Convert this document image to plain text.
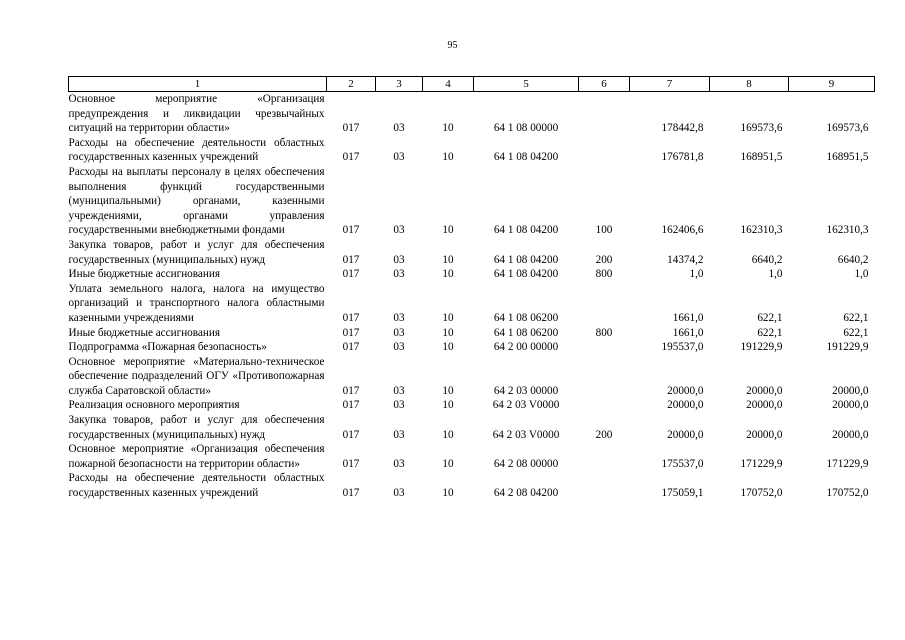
95
1	2	3	4	5	6	7	8	9
Основное мероприятие «Организация предупреждения и ликвидации чрезвычайных ситуаций на территории области»	017	03	10	64 1 08 00000		178442,8	169573,6	169573,6
Расходы на обеспечение деятельности областных государственных казенных учреждений	017	03	10	64 1 08 04200		176781,8	168951,5	168951,5
Расходы на выплаты персоналу в целях обеспечения выполнения функций государственными (муниципальными) органами, казенными учреждениями, органами управления государственными внебюджетными фондами	017	03	10	64 1 08 04200	100	162406,6	162310,3	162310,3
Закупка товаров, работ и услуг для обеспечения государственных (муниципальных) нужд	017	03	10	64 1 08 04200	200	14374,2	6640,2	6640,2
Иные бюджетные ассигнования	017	03	10	64 1 08 04200	800	1,0	1,0	1,0
Уплата земельного налога, налога на имущество организаций и транспортного налога областными казенными учреждениями	017	03	10	64 1 08 06200		1661,0	622,1	622,1
Иные бюджетные ассигнования	017	03	10	64 1 08 06200	800	1661,0	622,1	622,1
Подпрограмма «Пожарная безопасность»	017	03	10	64 2 00 00000		195537,0	191229,9	191229,9
Основное мероприятие «Материально-техническое обеспечение подразделений ОГУ «Противопожарная служба Саратовской области»	017	03	10	64 2 03 00000		20000,0	20000,0	20000,0
Реализация основного мероприятия	017	03	10	64 2 03 V0000		20000,0	20000,0	20000,0
Закупка товаров, работ и услуг для обеспечения государственных (муниципальных) нужд	017	03	10	64 2 03 V0000	200	20000,0	20000,0	20000,0
Основное мероприятие «Организация обеспечения пожарной безопасности на территории области»	017	03	10	64 2 08 00000		175537,0	171229,9	171229,9
Расходы на обеспечение деятельности областных государственных казенных учреждений	017	03	10	64 2 08 04200		175059,1	170752,0	170752,0
